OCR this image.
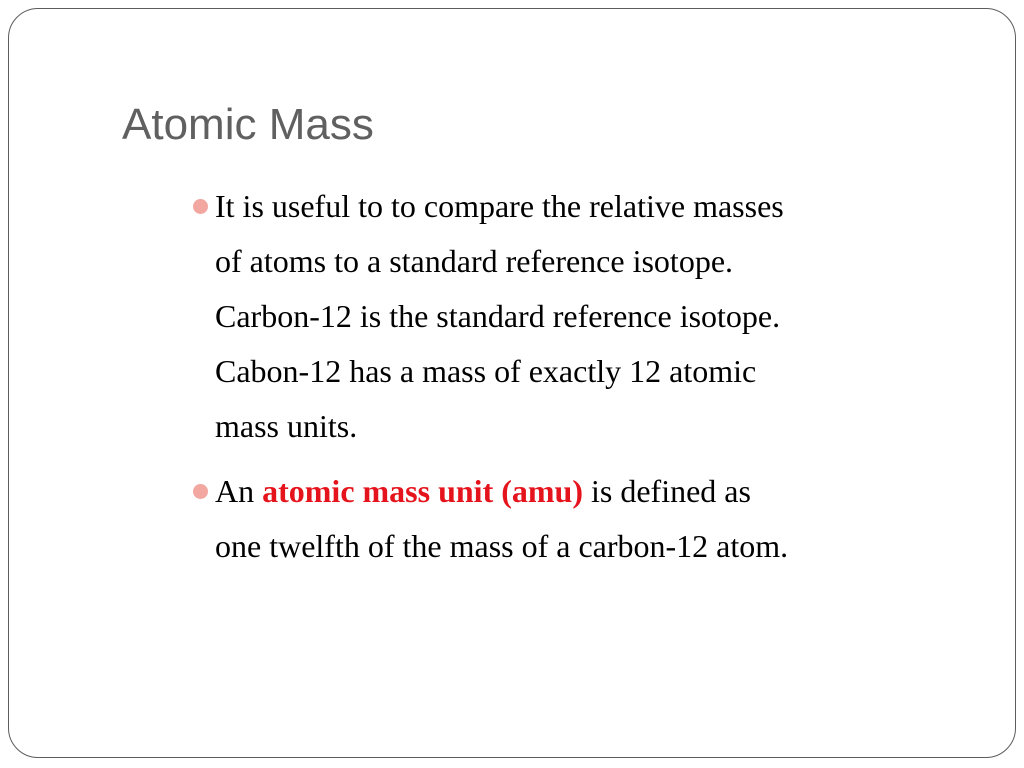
Atomic Mass
It is useful to to compare the relative masses
of atoms to a standard reference isotope.
Carbon-12 is the standard reference isotope.
Cabon-12 has a mass of exactly 12 atomic
mass units.
An atomic mass unit (amu) is defined as
one twelfth of the mass of a carbon-12 atom.
